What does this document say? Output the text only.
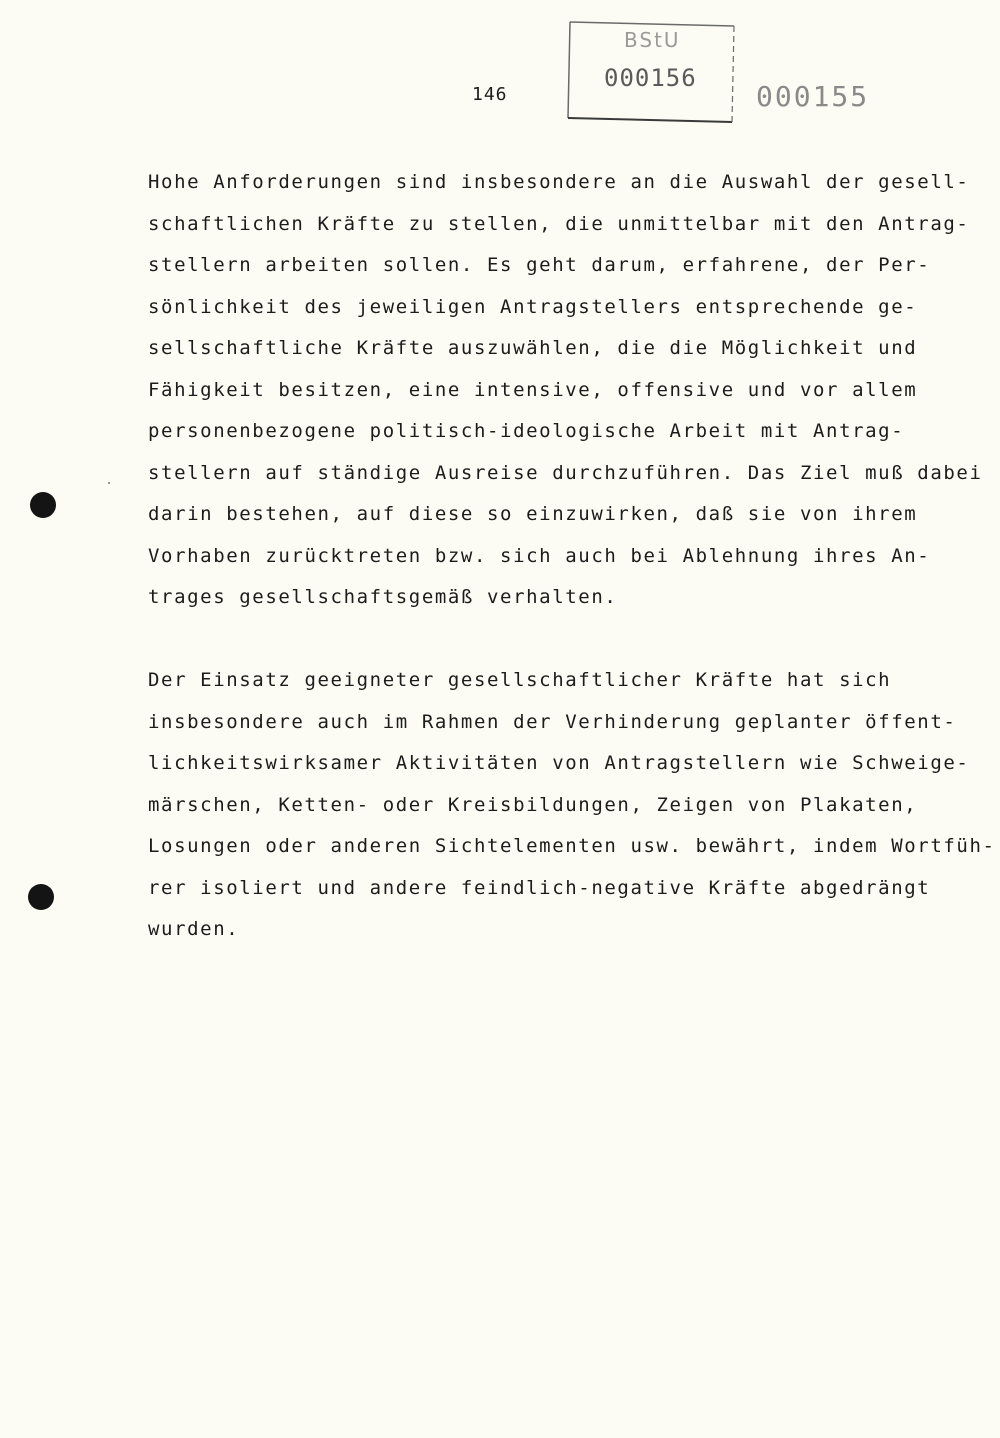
146
BStU
000156
000155
Hohe Anforderungen sind insbesondere an die Auswahl der gesell-
schaftlichen Kräfte zu stellen, die unmittelbar mit den Antrag-
stellern arbeiten sollen. Es geht darum, erfahrene, der Per-
sönlichkeit des jeweiligen Antragstellers entsprechende ge-
sellschaftliche Kräfte auszuwählen, die die Möglichkeit und
Fähigkeit besitzen, eine intensive, offensive und vor allem
personenbezogene politisch-ideologische Arbeit mit Antrag-
stellern auf ständige Ausreise durchzuführen. Das Ziel muß dabei
darin bestehen, auf diese so einzuwirken, daß sie von ihrem
Vorhaben zurücktreten bzw. sich auch bei Ablehnung ihres An-
trages gesellschaftsgemäß verhalten.
Der Einsatz geeigneter gesellschaftlicher Kräfte hat sich
insbesondere auch im Rahmen der Verhinderung geplanter öffent-
lichkeitswirksamer Aktivitäten von Antragstellern wie Schweige-
märschen, Ketten- oder Kreisbildungen, Zeigen von Plakaten,
Losungen oder anderen Sichtelementen usw. bewährt, indem Wortfüh-
rer isoliert und andere feindlich-negative Kräfte abgedrängt
wurden.
